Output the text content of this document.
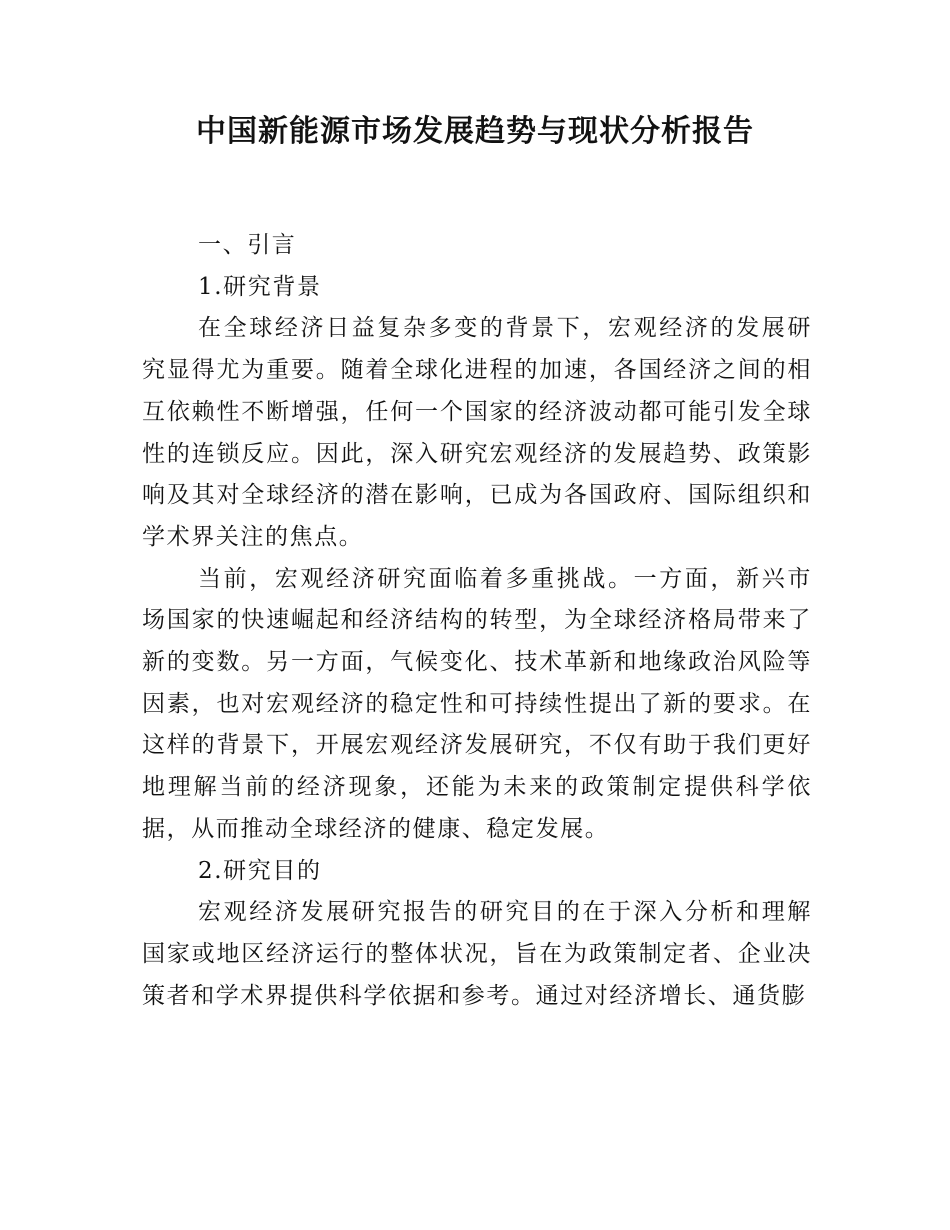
中国新能源市场发展趋势与现状分析报告
一、引言
1.研究背景

在全球经济日益复杂多变的背景下，宏观经济的发展研究显得尤为重要。随着全球化进程的加速，各国经济之间的相互依赖性不断增强，任何一个国家的经济波动都可能引发全球性的连锁反应。因此，深入研究宏观经济的发展趋势、政策影响及其对全球经济的潜在影响，已成为各国政府、国际组织和学术界关注的焦点。

当前，宏观经济研究面临着多重挑战。一方面，新兴市场国家的快速崛起和经济结构的转型，为全球经济格局带来了新的变数。另一方面，气候变化、技术革新和地缘政治风险等因素，也对宏观经济的稳定性和可持续性提出了新的要求。在这样的背景下，开展宏观经济发展研究，不仅有助于我们更好地理解当前的经济现象，还能为未来的政策制定提供科学依据，从而推动全球经济的健康、稳定发展。

2.研究目的

宏观经济发展研究报告的研究目的在于深入分析和理解国家或地区经济运行的整体状况，旨在为政策制定者、企业决策者和学术界提供科学依据和参考。通过对经济增长、通货膨
